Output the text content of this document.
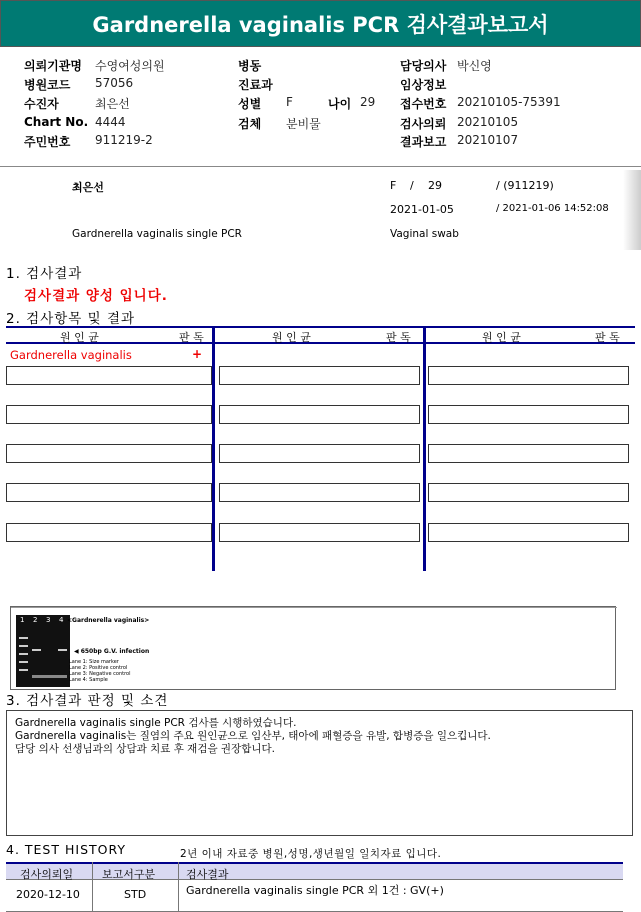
Gardnerella vaginalis PCR 검사결과보고서
의뢰기관명 수영여성의원
병원코드 57056
수진자	최은선
Chart No. 4444
주민번호 911219-2
병동
진료과
성별 F	나이 29
검체 분비물
담당의사 박신영
임상정보
접수번호 20210105-75391
검사의뢰 20210105
결과보고 20210107
최은선	F / 29	/ (911219)
2021-01-05	/ 2021-01-06 14:52:08
Gardnerella vaginalis single PCR	Vaginal swab
1. 검사결과
검사결과 양성 입니다.
2. 검사항목 및 결과
원 인 균	판 독	원 인 균	판 독	원 인 균	판 독
Gardnerella vaginalis	+
1 2 3 4 <Gardnerella vaginalis>
◀ 650bp G.V. infection
Lane 1: Size marker
Lane 2: Positive control
Lane 3: Negative control
Lane 4: Sample
3. 검사결과 판정 및 소견
Gardnerella vaginalis single PCR 검사를 시행하였습니다.
Gardnerella vaginalis는 질염의 주요 원인균으로 임산부, 태아에 패혈증을 유발, 합병증을 일으킵니다.
담당 의사 선생님과의 상담과 치료 후 재검을 권장합니다.
4. TEST HISTORY	2년 이내 자료중 병원,성명,생년월일 일치자료 입니다.
검사의뢰일	보고서구분	검사결과
2020-12-10	STD	Gardnerella vaginalis single PCR 외 1건 : GV(+)
